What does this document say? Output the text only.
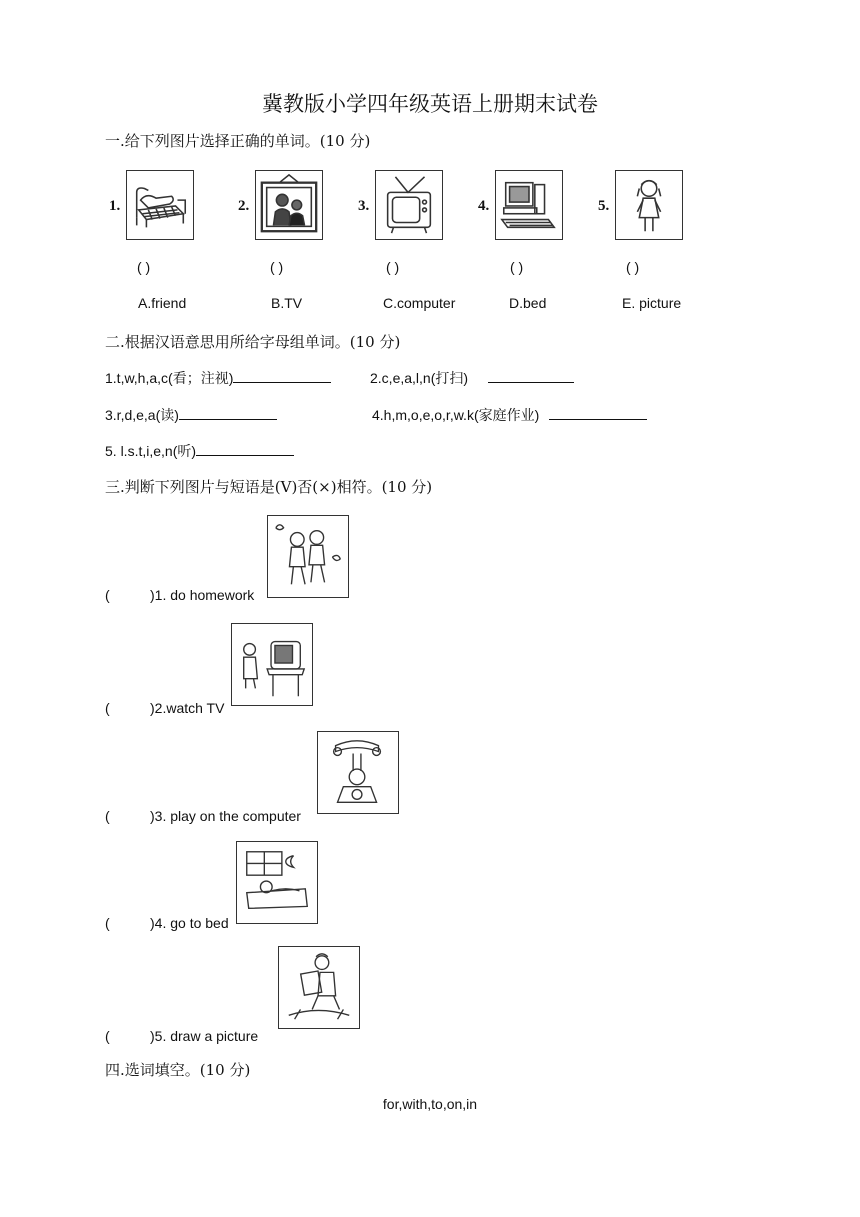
冀教版小学四年级英语上册期末试卷
一.给下列图片选择正确的单词。(10 分)
1.	2.	3.	4.	5.
( )	( )	( )	( )	( )
A.friend	B.TV	C.computer	D.bed	E. picture
二.根据汉语意思用所给字母组单词。(10 分)
1.t,w,h,a,c(看；注视)	2.c,e,a,l,n(打扫)
3.r,d,e,a(读)	4.h,m,o,e,o,r,w.k(家庭作业)
5. l.s.t,i,e,n(听)
三.判断下列图片与短语是(V)否(×)相符。(10 分)
(	)1. do homework
(	)2.watch TV
(	)3. play on the computer
(	)4. go to bed
(	)5. draw a picture
四.选词填空。(10 分)
for,with,to,on,in
